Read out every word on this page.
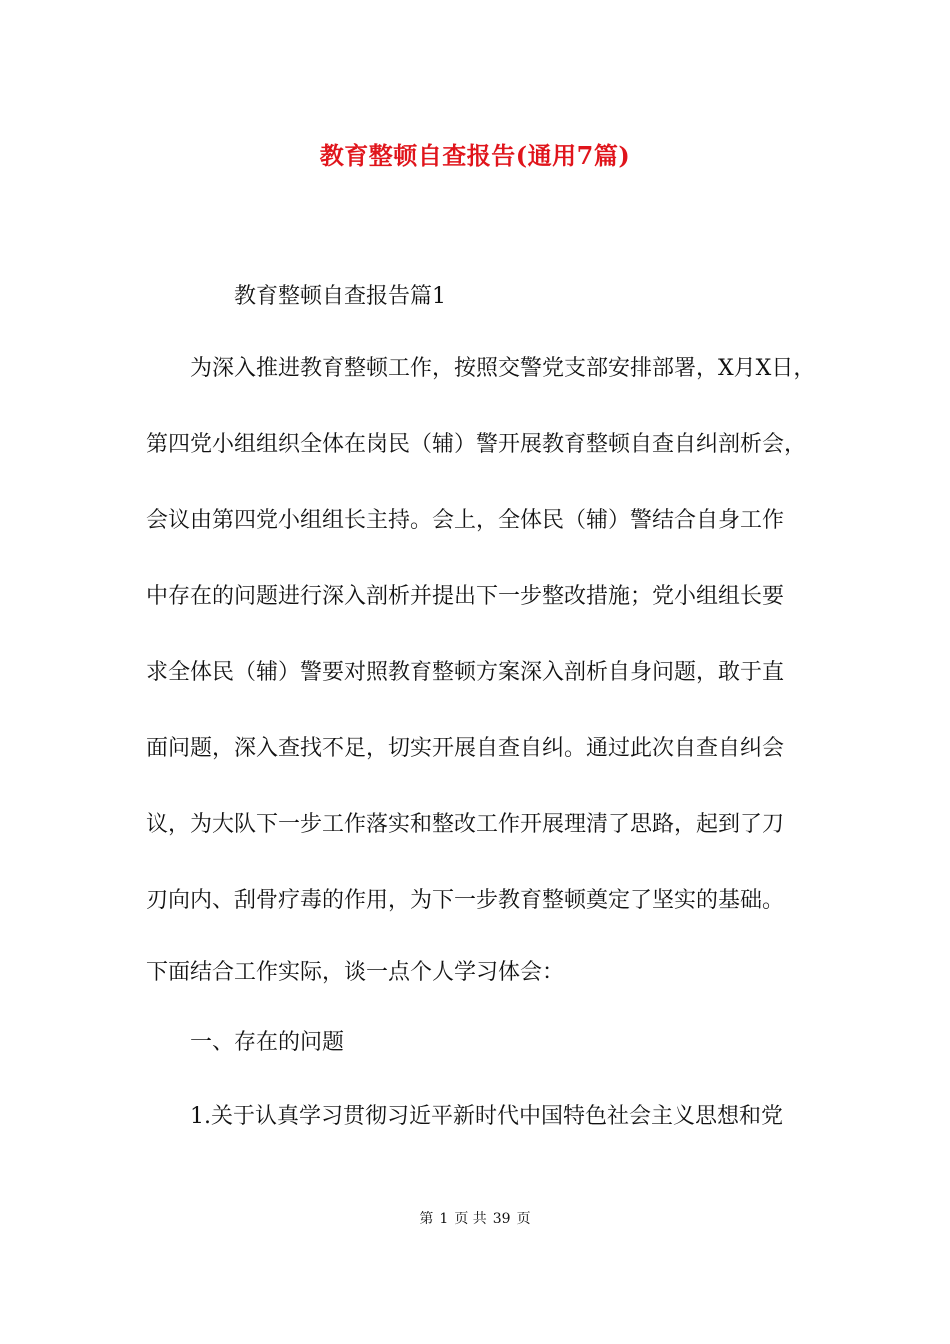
教育整顿自查报告(通用7篇)
教育整顿自查报告篇1
为深入推进教育整顿工作，按照交警党支部安排部署，X月X日，
第四党小组组织全体在岗民（辅）警开展教育整顿自查自纠剖析会，
会议由第四党小组组长主持。会上，全体民（辅）警结合自身工作
中存在的问题进行深入剖析并提出下一步整改措施；党小组组长要
求全体民（辅）警要对照教育整顿方案深入剖析自身问题，敢于直
面问题，深入查找不足，切实开展自查自纠。通过此次自查自纠会
议，为大队下一步工作落实和整改工作开展理清了思路，起到了刀
刃向内、刮骨疗毒的作用，为下一步教育整顿奠定了坚实的基础。
下面结合工作实际，谈一点个人学习体会：
一、存在的问题
1.关于认真学习贯彻习近平新时代中国特色社会主义思想和党
第 1 页 共 39 页
